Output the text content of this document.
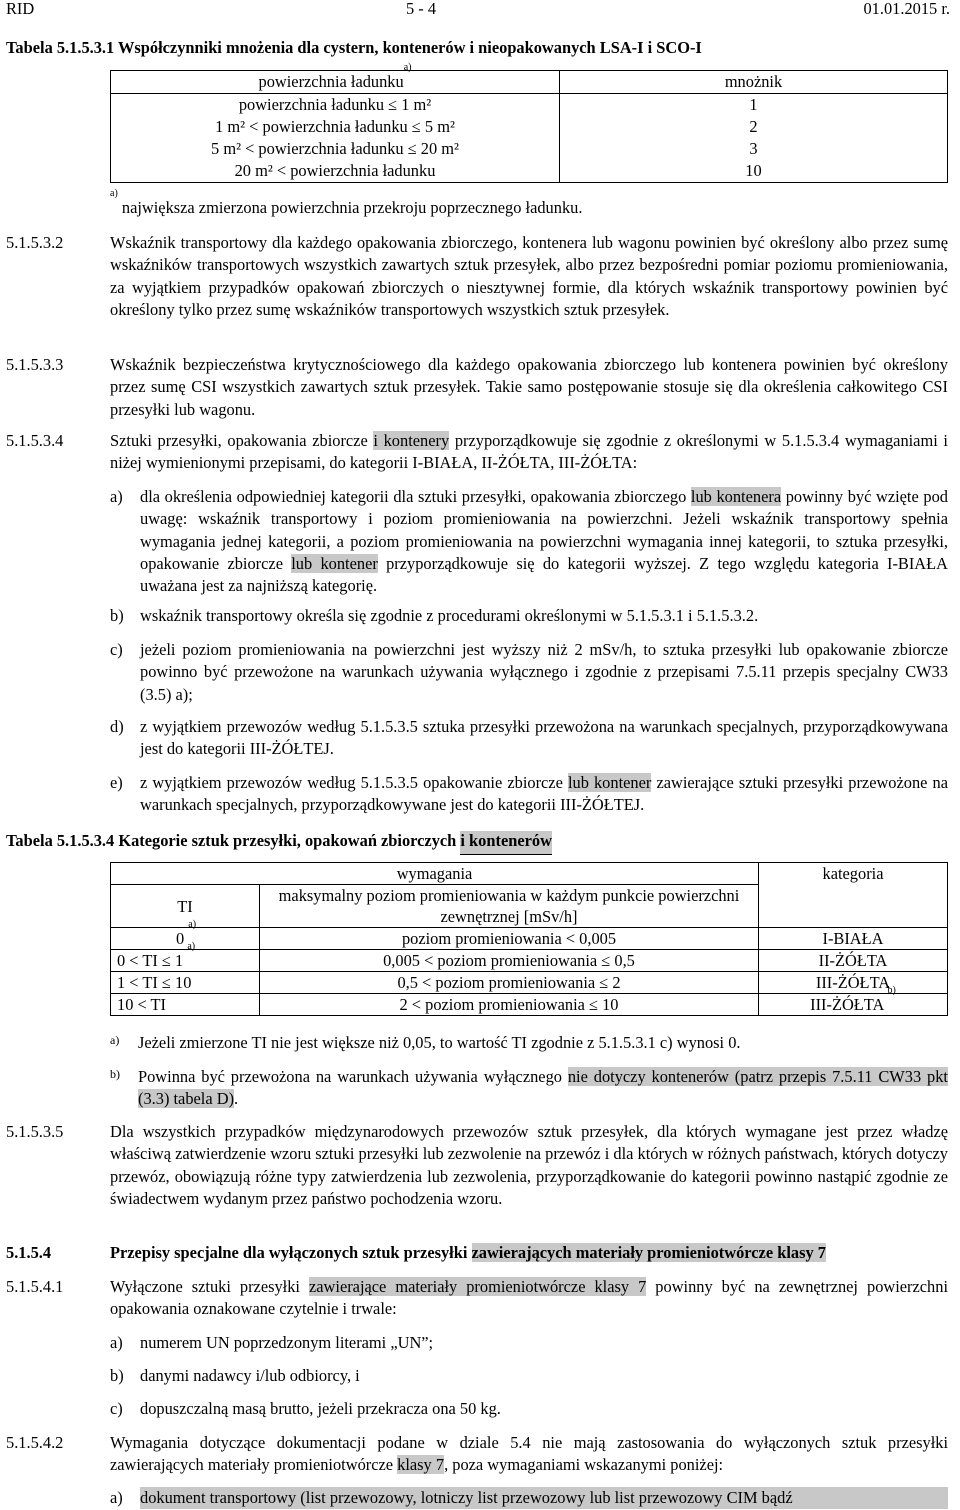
RID	5 - 4	01.01.2015 r.
Tabela 5.1.5.3.1 Współczynniki mnożenia dla cystern, kontenerów i nieopakowanych LSA-I i SCO-I
powierzchnia ładunku$^{a)}$	mnożnik
powierzchnia ładunku ≤ 1 m²	1
1 m² < powierzchnia ładunku ≤ 5 m²	2
5 m² < powierzchnia ładunku ≤ 20 m²	3
20 m² < powierzchnia ładunku	10
$^{a)}$ największa zmierzona powierzchnia przekroju poprzecznego ładunku.
5.1.5.3.2	Wskaźnik transportowy dla każdego opakowania zbiorczego, kontenera lub wagonu powinien być określony albo przez sumę wskaźników transportowych wszystkich zawartych sztuk przesyłek, albo przez bezpośredni pomiar poziomu promieniowania, za wyjątkiem przypadków opakowań zbiorczych o niesztywnej formie, dla których wskaźnik transportowy powinien być określony tylko przez sumę wskaźników transportowych wszystkich sztuk przesyłek.
5.1.5.3.3	Wskaźnik bezpieczeństwa krytycznościowego dla każdego opakowania zbiorczego lub kontenera powinien być określony przez sumę CSI wszystkich zawartych sztuk przesyłek. Takie samo postępowanie stosuje się dla określenia całkowitego CSI przesyłki lub wagonu.
5.1.5.3.4	Sztuki przesyłki, opakowania zbiorcze i kontenery przyporządkowuje się zgodnie z określonymi w 5.1.5.3.4 wymaganiami i niżej wymienionymi przepisami, do kategorii I-BIAŁA, II-ŻÓŁTA, III-ŻÓŁTA:
a) dla określenia odpowiedniej kategorii dla sztuki przesyłki, opakowania zbiorczego lub kontenera powinny być wzięte pod uwagę: wskaźnik transportowy i poziom promieniowania na powierzchni. Jeżeli wskaźnik transportowy spełnia wymagania jednej kategorii, a poziom promieniowania na powierzchni wymagania innej kategorii, to sztuka przesyłki, opakowanie zbiorcze lub kontener przyporządkowuje się do kategorii wyższej. Z tego względu kategoria I-BIAŁA uważana jest za najniższą kategorię.
b) wskaźnik transportowy określa się zgodnie z procedurami określonymi w 5.1.5.3.1 i 5.1.5.3.2.
c) jeżeli poziom promieniowania na powierzchni jest wyższy niż 2 mSv/h, to sztuka przesyłki lub opakowanie zbiorcze powinno być przewożone na warunkach używania wyłącznego i zgodnie z przepisami 7.5.11 przepis specjalny CW33 (3.5) a);
d) z wyjątkiem przewozów według 5.1.5.3.5 sztuka przesyłki przewożona na warunkach specjalnych, przyporządkowywana jest do kategorii III-ŻÓŁTEJ.
e) z wyjątkiem przewozów według 5.1.5.3.5 opakowanie zbiorcze lub kontener zawierające sztuki przesyłki przewożone na warunkach specjalnych, przyporządkowywane jest do kategorii III-ŻÓŁTEJ.
Tabela 5.1.5.3.4 Kategorie sztuk przesyłki, opakowań zbiorczych i kontenerów
wymagania		kategoria
TI	maksymalny poziom promieniowania w każdym punkcie powierzchni zewnętrznej [mSv/h]	
0 $^{a)}$	poziom promieniowania < 0,005	I-BIAŁA
0 < TI ≤ 1 $^{a)}$	0,005 < poziom promieniowania ≤ 0,5	II-ŻÓŁTA
1 < TI ≤ 10	0,5 < poziom promieniowania ≤ 2	III-ŻÓŁTA
10 < TI	2 < poziom promieniowania ≤ 10	III-ŻÓŁTA $^{b)}$
a) Jeżeli zmierzone TI nie jest większe niż 0,05, to wartość TI zgodnie z 5.1.5.3.1 c) wynosi 0.
b) Powinna być przewożona na warunkach używania wyłącznego nie dotyczy kontenerów (patrz przepis 7.5.11 CW33 pkt (3.3) tabela D).
5.1.5.3.5	Dla wszystkich przypadków międzynarodowych przewozów sztuk przesyłek, dla których wymagane jest przez władzę właściwą zatwierdzenie wzoru sztuki przesyłki lub zezwolenie na przewóz i dla których w różnych państwach, których dotyczy przewóz, obowiązują różne typy zatwierdzenia lub zezwolenia, przyporządkowanie do kategorii powinno nastąpić zgodnie ze świadectwem wydanym przez państwo pochodzenia wzoru.
5.1.5.4	Przepisy specjalne dla wyłączonych sztuk przesyłki zawierających materiały promieniotwórcze klasy 7
5.1.5.4.1	Wyłączone sztuki przesyłki zawierające materiały promieniotwórcze klasy 7 powinny być na zewnętrznej powierzchni opakowania oznakowane czytelnie i trwale:
a) numerem UN poprzedzonym literami „UN”;
b) danymi nadawcy i/lub odbiorcy, i
c) dopuszczalną masą brutto, jeżeli przekracza ona 50 kg.
5.1.5.4.2	Wymagania dotyczące dokumentacji podane w dziale 5.4 nie mają zastosowania do wyłączonych sztuk przesyłki zawierających materiały promieniotwórcze klasy 7, poza wymaganiami wskazanymi poniżej:
a) dokument transportowy (list przewozowy, lotniczy list przewozowy lub list przewozowy CIM bądź
